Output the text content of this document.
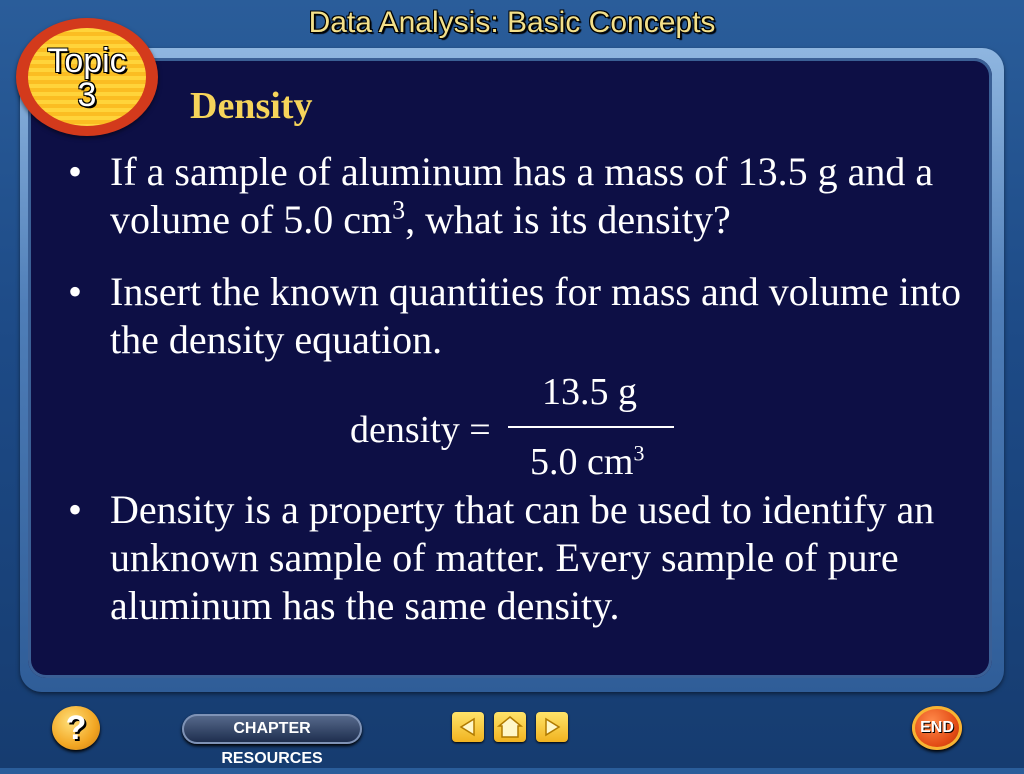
Data Analysis: Basic Concepts
Topic
3	Density
• If a sample of aluminum has a mass of 13.5 g and a volume of 5.0 $cm^3$, what is its density?
• Insert the known quantities for mass and volume into the density equation.
• Density is a property that can be used to identify an unknown sample of matter. Every sample of pure aluminum has the same density.
density =
13.5 g
5.0 $cm^3$
?	CHAPTER RESOURCES
END
